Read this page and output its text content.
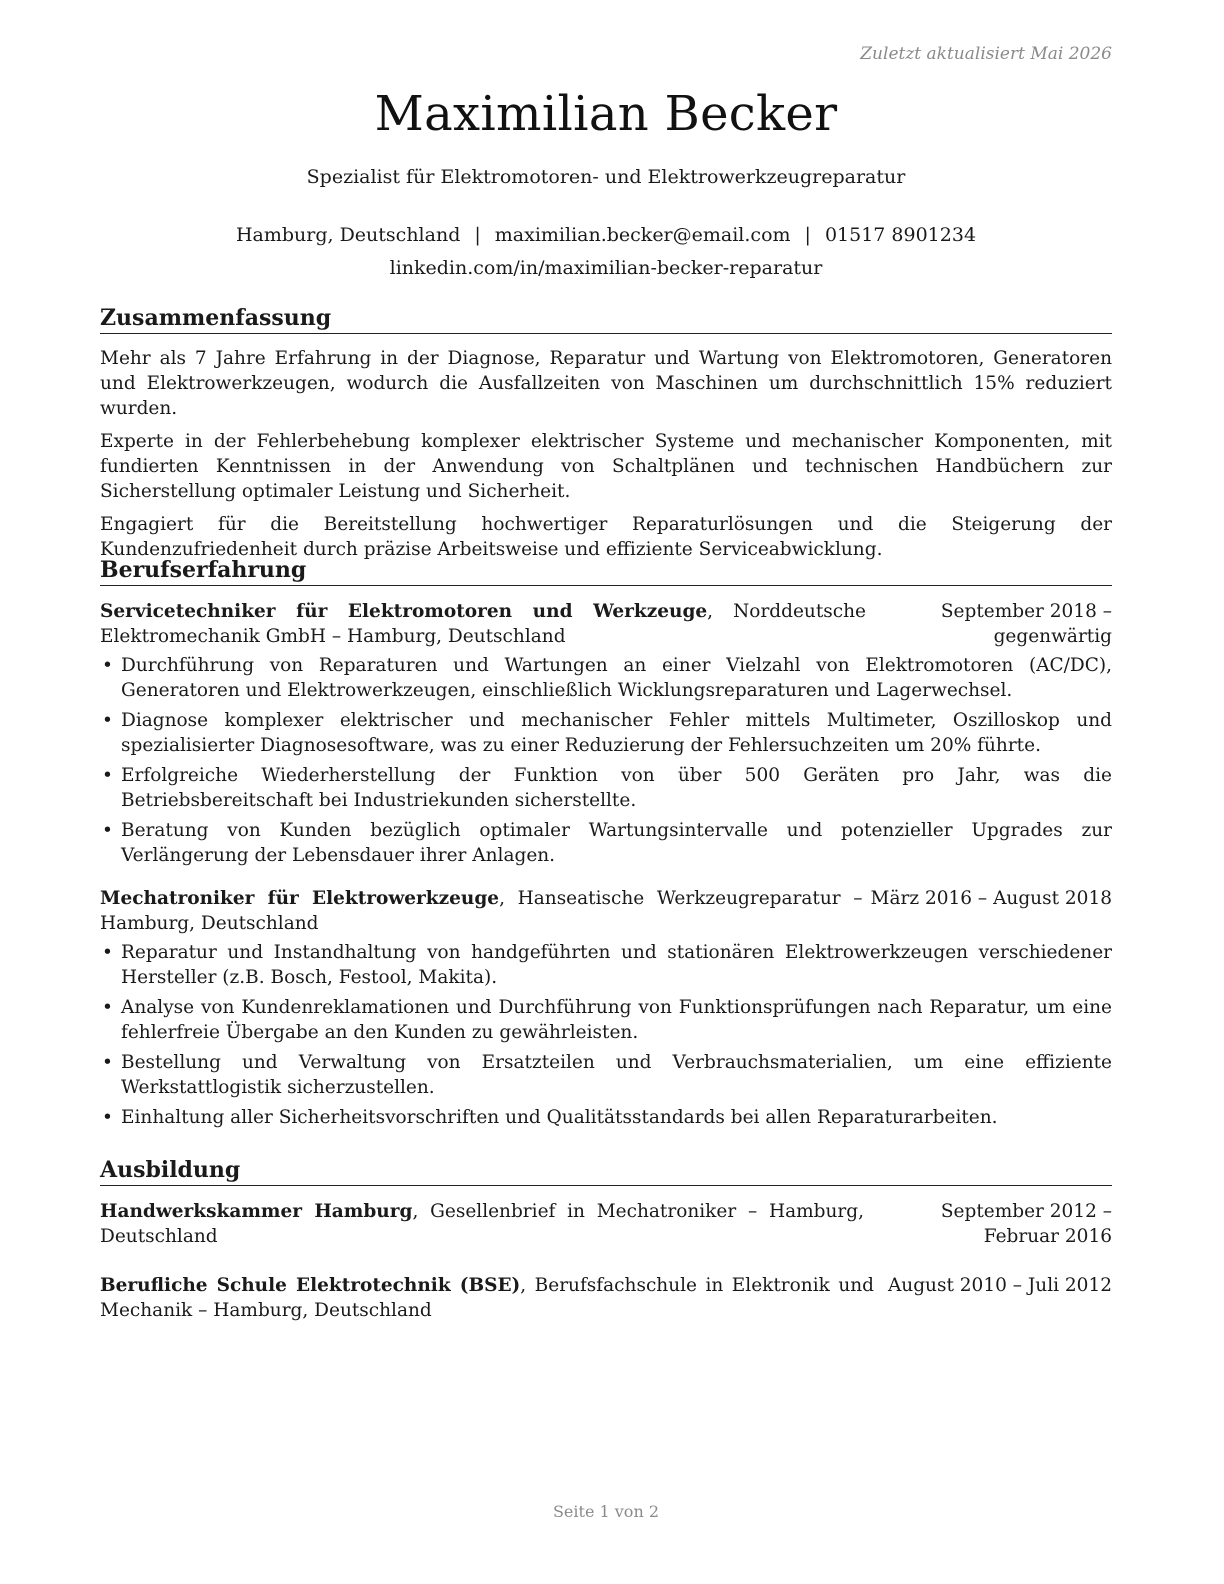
Zuletzt aktualisiert Mai 2026
Maximilian Becker
Spezialist für Elektromotoren- und Elektrowerkzeugreparatur
Hamburg, Deutschland | maximilian.becker@email.com | 01517 8901234
linkedin.com/in/maximilian-becker-reparatur
Zusammenfassung

Mehr als 7 Jahre Erfahrung in der Diagnose, Reparatur und Wartung von Elektromotoren, Generatoren und Elektrowerkzeugen, wodurch die Ausfallzeiten von Maschinen um durchschnittlich 15% reduziert wurden.

Experte in der Fehlerbehebung komplexer elektrischer Systeme und mechanischer Komponenten, mit fundierten Kenntnissen in der Anwendung von Schaltplänen und technischen Handbüchern zur Sicherstellung optimaler Leistung und Sicherheit.

Engagiert für die Bereitstellung hochwertiger Reparaturlösungen und die Steigerung der Kundenzufriedenheit durch präzise Arbeitsweise und effiziente Serviceabwicklung.

Berufserfahrung
Servicetechniker für Elektromotoren und Werkzeuge, Norddeutsche Elektromechanik GmbH – Hamburg, Deutschland
September 2018 – gegenwärtig
• Durchführung von Reparaturen und Wartungen an einer Vielzahl von Elektromotoren (AC/DC), Generatoren und Elektrowerkzeugen, einschließlich Wicklungsreparaturen und Lagerwechsel.
• Diagnose komplexer elektrischer und mechanischer Fehler mittels Multimeter, Oszilloskop und spezialisierter Diagnosesoftware, was zu einer Reduzierung der Fehlersuchzeiten um 20% führte.
• Erfolgreiche Wiederherstellung der Funktion von über 500 Geräten pro Jahr, was die Betriebsbereitschaft bei Industriekunden sicherstellte.
• Beratung von Kunden bezüglich optimaler Wartungsintervalle und potenzieller Upgrades zur Verlängerung der Lebensdauer ihrer Anlagen.
Mechatroniker für Elektrowerkzeuge, Hanseatische Werkzeugreparatur – Hamburg, Deutschland
März 2016 – August 2018
• Reparatur und Instandhaltung von handgeführten und stationären Elektrowerkzeugen verschiedener Hersteller (z.B. Bosch, Festool, Makita).
• Analyse von Kundenreklamationen und Durchführung von Funktionsprüfungen nach Reparatur, um eine fehlerfreie Übergabe an den Kunden zu gewährleisten.
• Bestellung und Verwaltung von Ersatzteilen und Verbrauchsmaterialien, um eine effiziente Werkstattlogistik sicherzustellen.
• Einhaltung aller Sicherheitsvorschriften und Qualitätsstandards bei allen Reparaturarbeiten.
Ausbildung
Handwerkskammer Hamburg, Gesellenbrief in Mechatroniker – Hamburg, Deutschland
September 2012 – Februar 2016
Berufliche Schule Elektrotechnik (BSE), Berufsfachschule in Elektronik und Mechanik – Hamburg, Deutschland
August 2010 – Juli 2012
Seite 1 von 2
